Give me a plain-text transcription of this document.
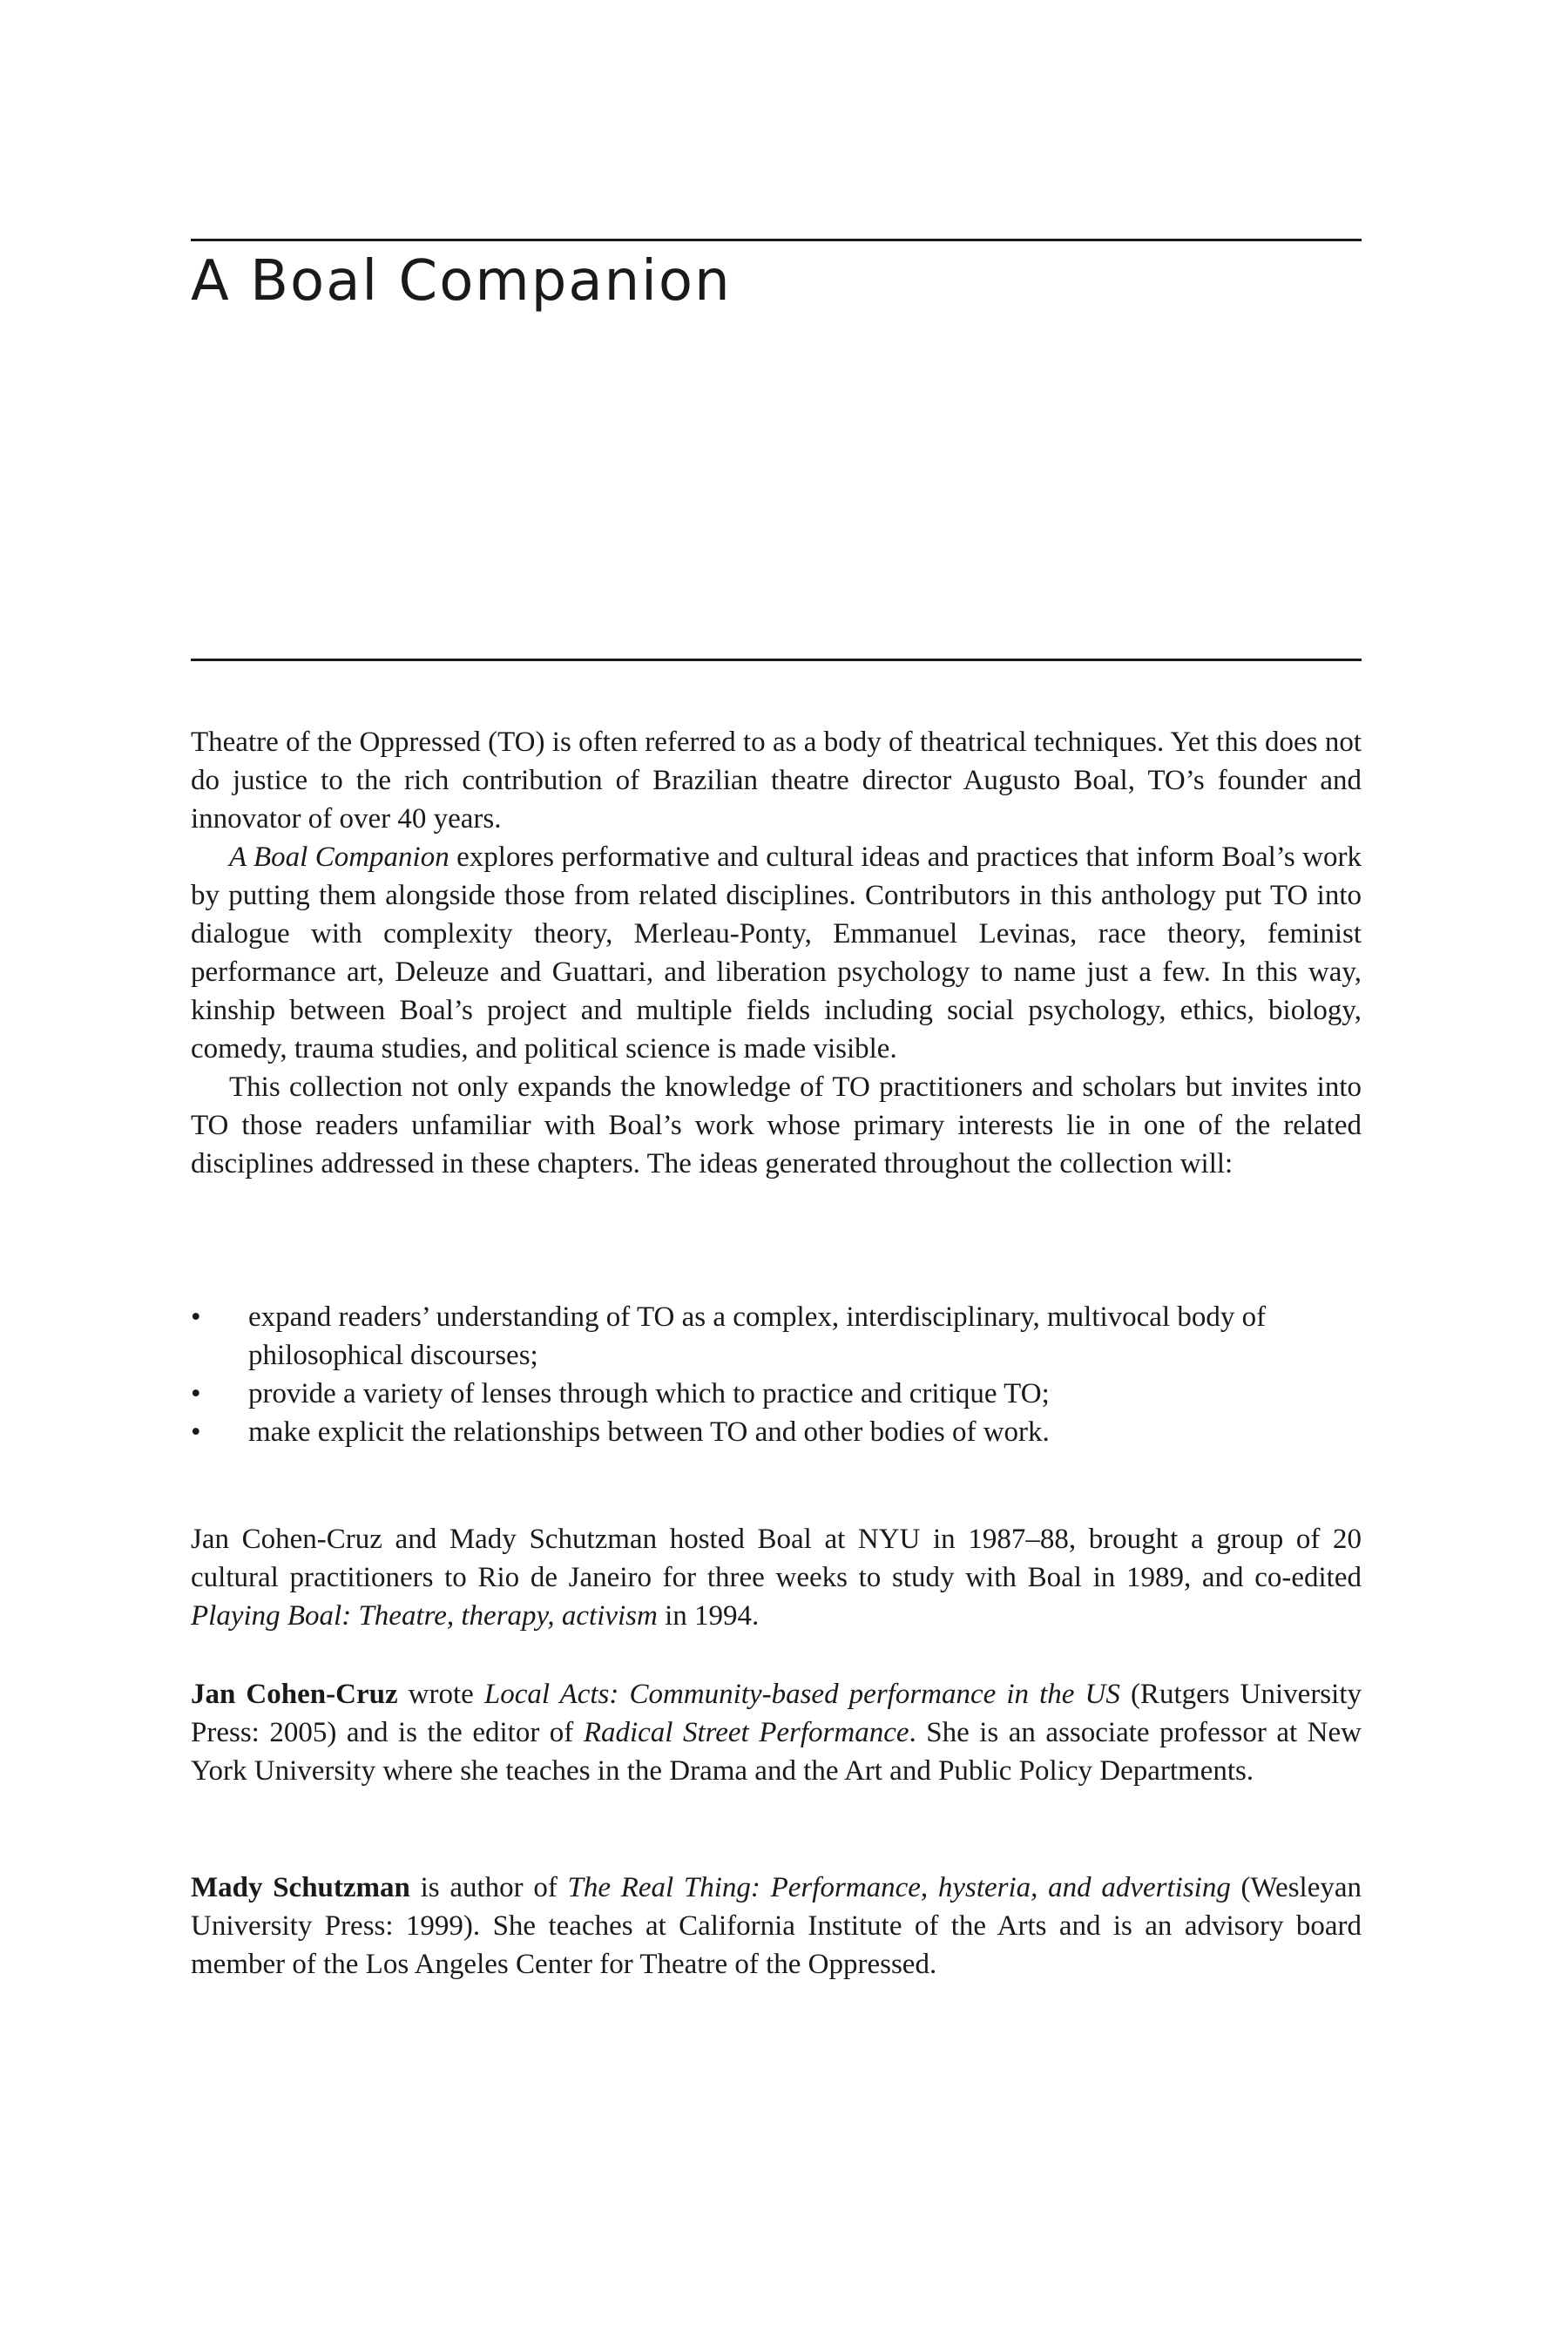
A Boal Companion

Theatre of the Oppressed (TO) is often referred to as a body of theatrical techniques. Yet this does not do justice to the rich contribution of Brazilian theatre director Augusto Boal, TO’s founder and innovator of over 40 years.

A Boal Companion explores performative and cultural ideas and practices that inform Boal’s work by putting them alongside those from related disciplines. Contributors in this anthology put TO into dialogue with complexity theory, Merleau-Ponty, Emmanuel Levinas, race theory, feminist performance art, Deleuze and Guattari, and liberation psychology to name just a few. In this way, kinship between Boal’s project and multiple fields including social psychology, ethics, biology, comedy, trauma studies, and political science is made visible.

This collection not only expands the knowledge of TO practitioners and scholars but invites into TO those readers unfamiliar with Boal’s work whose primary interests lie in one of the related disciplines addressed in these chapters. The ideas generated throughout the collection will:

• expand readers’ understanding of TO as a complex, interdisciplinary, multivocal body of philosophical discourses;
• provide a variety of lenses through which to practice and critique TO;
• make explicit the relationships between TO and other bodies of work.

Jan Cohen-Cruz and Mady Schutzman hosted Boal at NYU in 1987–88, brought a group of 20 cultural practitioners to Rio de Janeiro for three weeks to study with Boal in 1989, and co-edited Playing Boal: Theatre, therapy, activism in 1994.

Jan Cohen-Cruz wrote Local Acts: Community-based performance in the US (Rutgers University Press: 2005) and is the editor of Radical Street Performance. She is an associate professor at New York University where she teaches in the Drama and the Art and Public Policy Departments.

Mady Schutzman is author of The Real Thing: Performance, hysteria, and advertising (Wesleyan University Press: 1999). She teaches at California Institute of the Arts and is an advisory board member of the Los Angeles Center for Theatre of the Oppressed.
